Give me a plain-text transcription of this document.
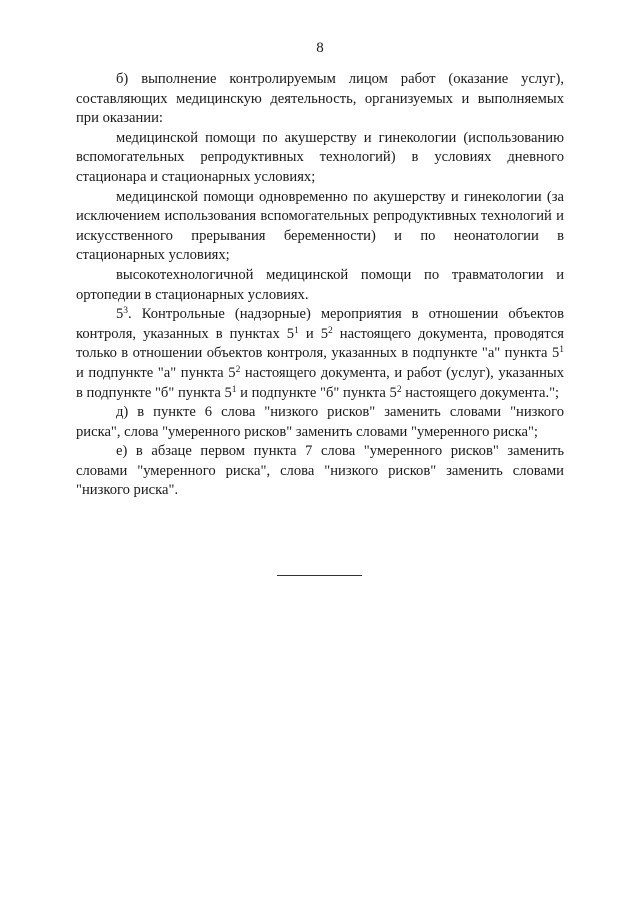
8

б) выполнение контролируемым лицом работ (оказание услуг), составляющих медицинскую деятельность, организуемых и выполняемых при оказании:

медицинской помощи по акушерству и гинекологии (использованию вспомогательных репродуктивных технологий) в условиях дневного стационара и стационарных условиях;

медицинской помощи одновременно по акушерству и гинекологии (за исключением использования вспомогательных репродуктивных технологий и искусственного прерывания беременности) и по неонатологии в стационарных условиях;

высокотехнологичной медицинской помощи по травматологии и ортопедии в стационарных условиях.

$5^3$. Контрольные (надзорные) мероприятия в отношении объектов контроля, указанных в пунктах $5^1$ и $5^2$ настоящего документа, проводятся только в отношении объектов контроля, указанных в подпункте "а" пункта $5^1$ и подпункте "а" пункта $5^2$ настоящего документа, и работ (услуг), указанных в подпункте "б" пункта $5^1$ и подпункте "б" пункта $5^2$ настоящего документа.";

д) в пункте 6 слова "низкого рисков" заменить словами "низкого риска", слова "умеренного рисков" заменить словами "умеренного риска";

е) в абзаце первом пункта 7 слова "умеренного рисков" заменить словами "умеренного риска", слова "низкого рисков" заменить словами "низкого риска".
